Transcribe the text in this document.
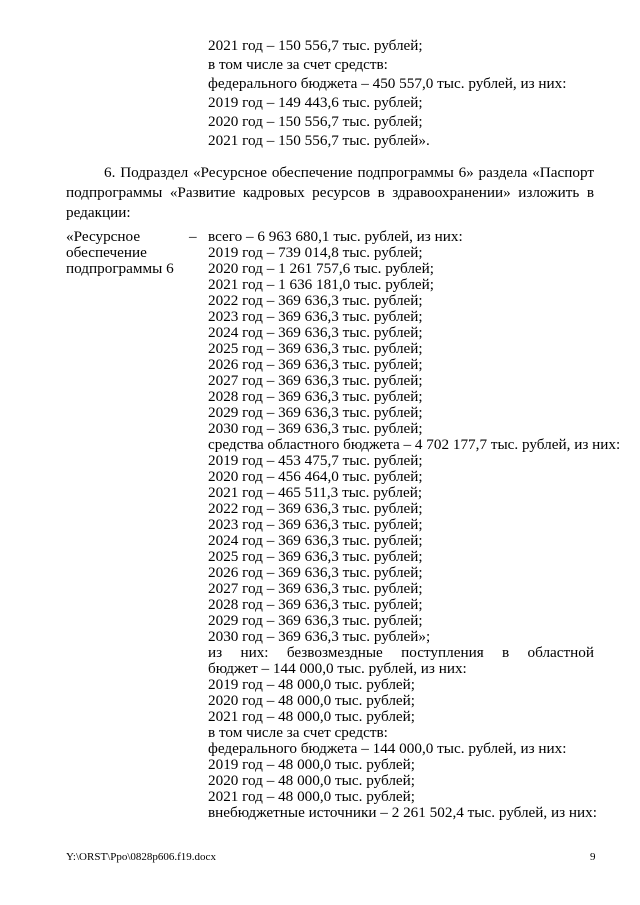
2021 год – 150 556,7 тыс. рублей;
в том числе за счет средств:
федерального бюджета – 450 557,0 тыс. рублей, из них:
2019 год – 149 443,6 тыс. рублей;
2020 год – 150 556,7 тыс. рублей;
2021 год – 150 556,7 тыс. рублей».
6. Подраздел «Ресурсное обеспечение подпрограммы 6» раздела «Паспорт подпрограммы «Развитие кадровых ресурсов в здравоохранении» изложить в редакции:
«Ресурсное
обеспечение
подпрограммы 6
– всего – 6 963 680,1 тыс. рублей, из них:
2019 год – 739 014,8 тыс. рублей;
2020 год – 1 261 757,6 тыс. рублей;
2021 год – 1 636 181,0 тыс. рублей;
2022 год – 369 636,3 тыс. рублей;
2023 год – 369 636,3 тыс. рублей;
2024 год – 369 636,3 тыс. рублей;
2025 год – 369 636,3 тыс. рублей;
2026 год – 369 636,3 тыс. рублей;
2027 год – 369 636,3 тыс. рублей;
2028 год – 369 636,3 тыс. рублей;
2029 год – 369 636,3 тыс. рублей;
2030 год – 369 636,3 тыс. рублей;
средства областного бюджета – 4 702 177,7 тыс. рублей, из них:
2019 год – 453 475,7 тыс. рублей;
2020 год – 456 464,0 тыс. рублей;
2021 год – 465 511,3 тыс. рублей;
2022 год – 369 636,3 тыс. рублей;
2023 год – 369 636,3 тыс. рублей;
2024 год – 369 636,3 тыс. рублей;
2025 год – 369 636,3 тыс. рублей;
2026 год – 369 636,3 тыс. рублей;
2027 год – 369 636,3 тыс. рублей;
2028 год – 369 636,3 тыс. рублей;
2029 год – 369 636,3 тыс. рублей;
2030 год – 369 636,3 тыс. рублей»;
из них: безвозмездные поступления в областной
бюджет – 144 000,0 тыс. рублей, из них:
2019 год – 48 000,0 тыс. рублей;
2020 год – 48 000,0 тыс. рублей;
2021 год – 48 000,0 тыс. рублей;
в том числе за счет средств:
федерального бюджета – 144 000,0 тыс. рублей, из них:
2019 год – 48 000,0 тыс. рублей;
2020 год – 48 000,0 тыс. рублей;
2021 год – 48 000,0 тыс. рублей;
внебюджетные источники – 2 261 502,4 тыс. рублей, из них:
Y:\ORST\Ppo\0828p606.f19.docx	9
